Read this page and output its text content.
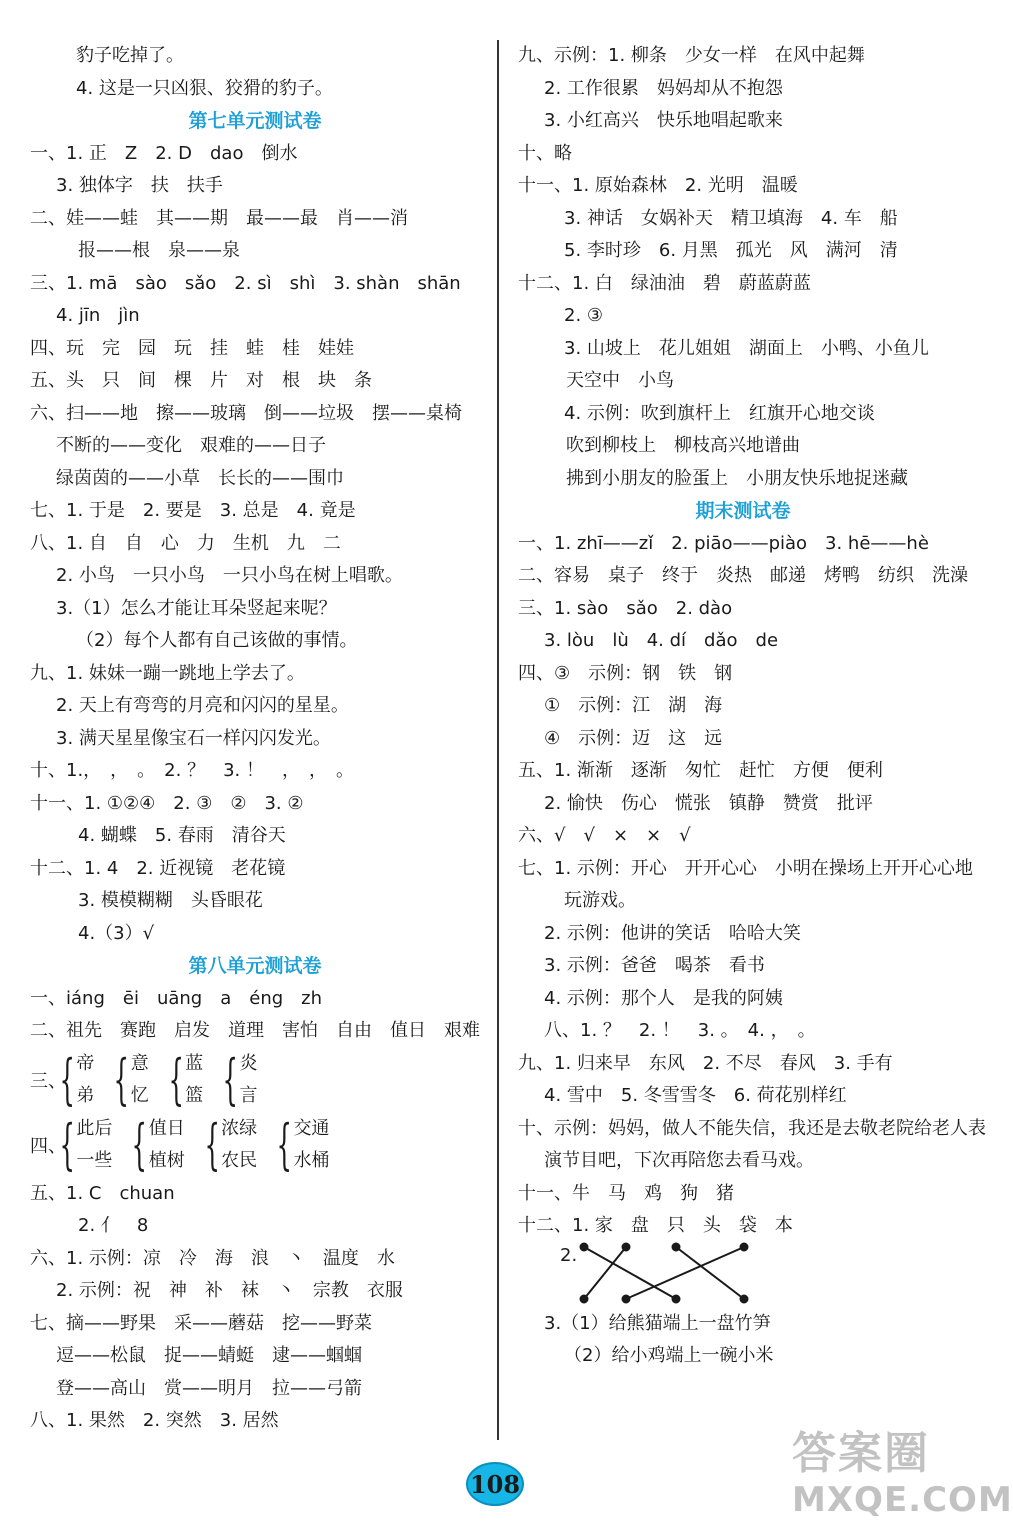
豹子吃掉了。
4. 这是一只凶狠、狡猾的豹子。
第七单元测试卷
一、1. 正　Z　2. D　dao　倒水
3. 独体字　扶　扶手
二、娃——蛙　其——期　最——最　肖——消
报——根　泉——泉
三、1. mā　sào　sǎo　2. sì　shì　3. shàn　shān
4. jīn　jìn
四、玩　完　园　玩　挂　蛙　桂　娃娃
五、头　只　间　棵　片　对　根　块　条
六、扫——地　擦——玻璃　倒——垃圾　摆——桌椅
不断的——变化　艰难的——日子
绿茵茵的——小草　长长的——围巾
七、1. 于是　2. 要是　3. 总是　4. 竟是
八、1. 自　自　心　力　生机　九　二
2. 小鸟　一只小鸟　一只小鸟在树上唱歌。
3.（1）怎么才能让耳朵竖起来呢？
（2）每个人都有自己该做的事情。
九、1. 妹妹一蹦一跳地上学去了。
2. 天上有弯弯的月亮和闪闪的星星。
3. 满天星星像宝石一样闪闪发光。
十、1.，　，　。　2. ？　3. ！　，　，　。
十一、1. ①②④　2. ③　②　3. ②
4. 蝴蝶　5. 春雨　清谷天
十二、1. 4　2. 近视镜　老花镜
3. 模模糊糊　头昏眼花
4.（3）√
第八单元测试卷
一、iáng　ēi　uāng　a　éng　zh
二、祖先　赛跑　启发　道理　害怕　自由　值日　艰难
三、
{ 帝
弟 { 意
忆 { 蓝
篮 { 炎
言
四、
{ 此后
一些 { 值日
植树 { 浓绿
农民 { 交通
水桶
五、1. C　chuan
2. 亻　8
六、1. 示例：凉　冷　海　浪　丶　温度　水
2. 示例：祝　神　补　袜　丶　宗教　衣服
七、摘——野果　采——蘑菇　挖——野菜
逗——松鼠　捉——蜻蜓　逮——蝈蝈
登——高山　赏——明月　拉——弓箭
八、1. 果然　2. 突然　3. 居然
九、示例：1. 柳条　少女一样　在风中起舞
2. 工作很累　妈妈却从不抱怨
3. 小红高兴　快乐地唱起歌来
十、略
十一、1. 原始森林　2. 光明　温暖
3. 神话　女娲补天　精卫填海　4. 车　船
5. 李时珍　6. 月黑　孤光　风　满河　清
十二、1. 白　绿油油　碧　蔚蓝蔚蓝
2. ③
3. 山坡上　花儿姐姐　湖面上　小鸭、小鱼儿
天空中　小鸟
4. 示例：吹到旗杆上　红旗开心地交谈
吹到柳枝上　柳枝高兴地谱曲
拂到小朋友的脸蛋上　小朋友快乐地捉迷藏
期末测试卷
一、1. zhī——zǐ　2. piāo——piào　3. hē——hè
二、容易　桌子　终于　炎热　邮递　烤鸭　纺织　洗澡
三、1. sào　sǎo　2. dào
3. lòu　lù　4. dí　dǎo　de
四、③　示例：钢　铁　钢
①　示例：江　湖　海
④　示例：迈　这　远
五、1. 渐渐　逐渐　匆忙　赶忙　方便　便利
2. 愉快　伤心　慌张　镇静　赞赏　批评
六、√　√　×　×　√
七、1. 示例：开心　开开心心　小明在操场上开开心心地
玩游戏。
2. 示例：他讲的笑话　哈哈大笑
3. 示例：爸爸　喝茶　看书
4. 示例：那个人　是我的阿姨
八、1. ？　2. ！　3. 。　4. ，　。
九、1. 归来早　东风　2. 不尽　春风　3. 手有
4. 雪中　5. 冬雪雪冬　6. 荷花别样红
十、示例：妈妈，做人不能失信，我还是去敬老院给老人表
演节目吧，下次再陪您去看马戏。
十一、牛　马　鸡　狗　猪
十二、1. 家　盘　只　头　袋　本
2.
3.（1）给熊猫端上一盘竹笋
（2）给小鸡端上一碗小米
108
答案圈
MXQE.COM
